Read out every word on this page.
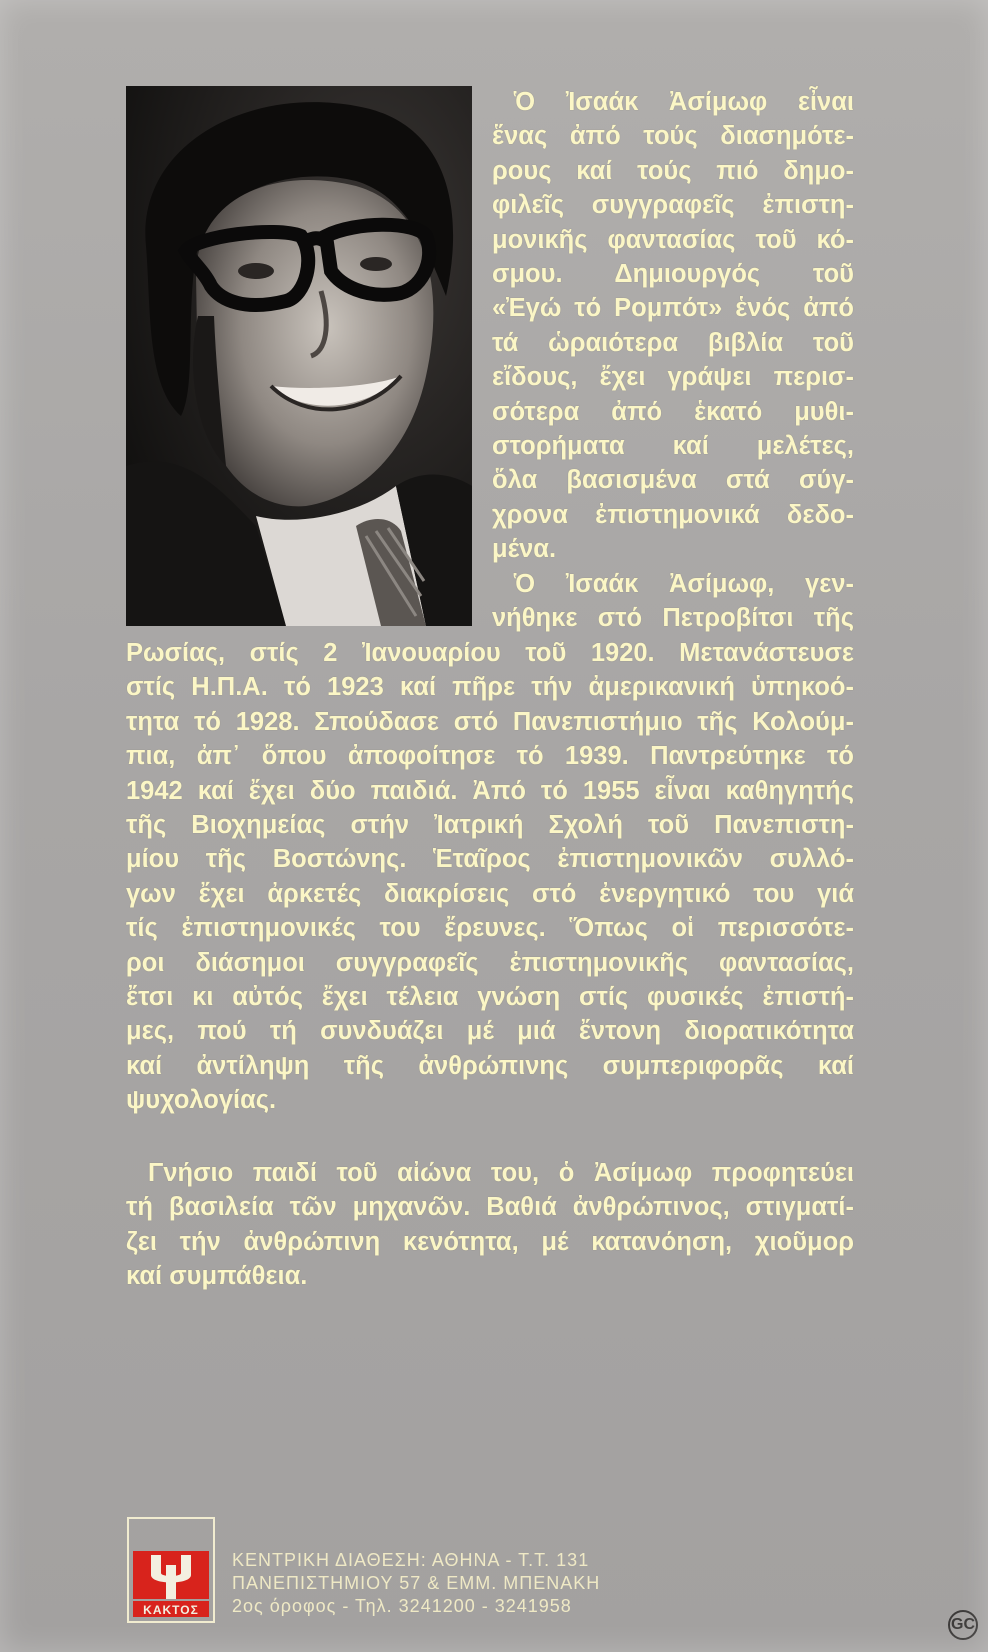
Ὁ Ἰσαάκ Ἀσίμωφ εἶναι
ἕνας ἀπό τούς διασημότε-
ρους καί τούς πιό δημο-
φιλεῖς συγγραφεῖς ἐπιστη-
μονικῆς φαντασίας τοῦ κό-
σμου. Δημιουργός τοῦ
«Ἐγώ τό Ρομπότ» ἑνός ἀπό
τά ὡραιότερα βιβλία τοῦ
εἴδους, ἔχει γράψει περισ-
σότερα ἀπό ἑκατό μυθι-
στορήματα καί μελέτες,
ὅλα βασισμένα στά σύγ-
χρονα ἐπιστημονικά δεδο-
μένα.
Ὁ Ἰσαάκ Ἀσίμωφ, γεν-
νήθηκε στό Πετροβίτσι τῆς
Ρωσίας, στίς 2 Ἰανουαρίου τοῦ 1920. Μετανάστευσε
στίς Η.Π.Α. τό 1923 καί πῆρε τήν ἀμερικανική ὑπηκοό-
τητα τό 1928. Σπούδασε στό Πανεπιστήμιο τῆς Κολούμ-
πια, ἀπ᾿ ὅπου ἀποφοίτησε τό 1939. Παντρεύτηκε τό
1942 καί ἔχει δύο παιδιά. Ἀπό τό 1955 εἶναι καθηγητής
τῆς Βιοχημείας στήν Ἰατρική Σχολή τοῦ Πανεπιστη-
μίου τῆς Βοστώνης. Ἑταῖρος ἐπιστημονικῶν συλλό-
γων ἔχει ἀρκετές διακρίσεις στό ἐνεργητικό του γιά
τίς ἐπιστημονικές του ἔρευνες. Ὅπως οἱ περισσότε-
ροι διάσημοι συγγραφεῖς ἐπιστημονικῆς φαντασίας,
ἔτσι κι αὐτός ἔχει τέλεια γνώση στίς φυσικές ἐπιστή-
μες, πού τή συνδυάζει μέ μιά ἔντονη διορατικότητα
καί ἀντίληψη τῆς ἀνθρώπινης συμπεριφορᾶς καί
ψυχολογίας.
Γνήσιο παιδί τοῦ αἰώνα του, ὁ Ἀσίμωφ προφητεύει
τή βασιλεία τῶν μηχανῶν. Βαθιά ἀνθρώπινος, στιγματί-
ζει τήν ἀνθρώπινη κενότητα, μέ κατανόηση, χιοῦμορ
καί συμπάθεια.
ΚΑΚΤΟΣ
ΚΕΝΤΡΙΚΗ ΔΙΑΘΕΣΗ: ΑΘΗΝΑ - Τ.Τ. 131
ΠΑΝΕΠΙΣΤΗΜΙΟΥ 57 & ΕΜΜ. ΜΠΕΝΑΚΗ
2ος όροφος - Τηλ. 3241200 - 3241958
GC
